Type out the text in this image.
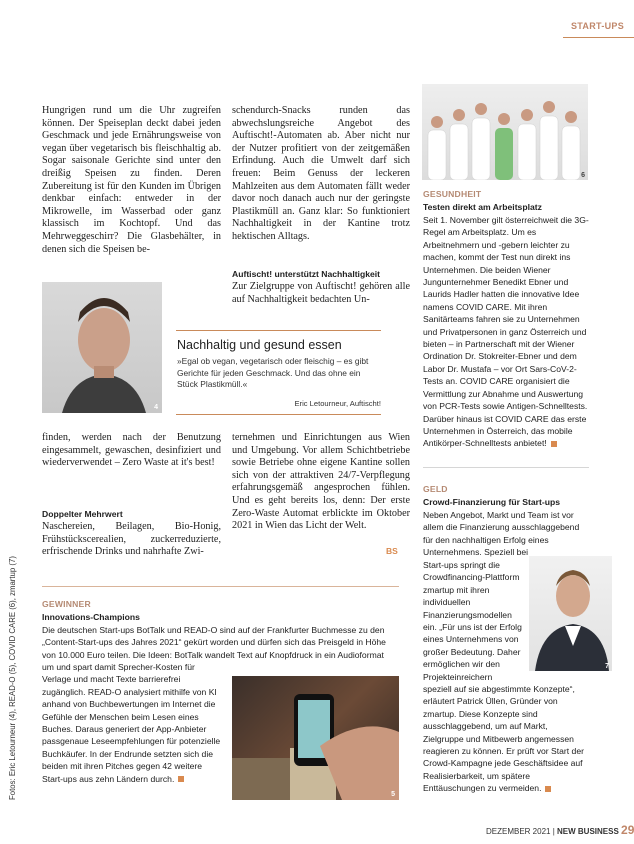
START-UPS
Fotos: Eric Letourneur (4), READ-O (5), COVID CARE (6), zmartup (7)

Hungrigen rund um die Uhr zugreifen können. Der Speiseplan deckt dabei jeden Geschmack und jede Ernährungsweise von vegan über vegetarisch bis fleischhaltig ab. Sogar saisonale Gerichte sind unter den dreißig Speisen zu finden. Deren Zubereitung ist für den Kunden im Übrigen denkbar einfach: entweder in der Mikrowelle, im Wasserbad oder ganz klassisch im Kochtopf. Und das Mehrweggeschirr? Die Glasbehälter, in denen sich die Speisen be-

schendurch-Snacks runden das abwechslungsreiche Angebot des Auftischt!-Automaten ab. Aber nicht nur der Nutzer profitiert von der zeitgemäßen Erfindung. Auch die Umwelt darf sich freuen: Beim Genuss der leckeren Mahlzeiten aus dem Automaten fällt weder davor noch danach auch nur der geringste Plastikmüll an. Ganz klar: So funktioniert Nachhaltigkeit in der Kantine trotz hektischen Alltags.

Auftischt! unterstützt Nachhaltigkeit

Zur Zielgruppe von Auftischt! gehören alle auf Nachhaltigkeit bedachten Un-

4
Nachhaltig und gesund essen

»Egal ob vegan, vegetarisch oder fleischig – es gibt Gerichte für jeden Geschmack. Und das ohne ein Stück Plastikmüll.«

Eric Letourneur, Auftischt!

finden, werden nach der Benutzung eingesammelt, gewaschen, desinfiziert und wiederverwendet – Zero Waste at it's best!

Doppelter Mehrwert

Naschereien, Beilagen, Bio-Honig, Frühstückscerealien, zuckerreduzierte, erfrischende Drinks und nahrhafte Zwi-

ternehmen und Einrichtungen aus Wien und Umgebung. Vor allem Schichtbetriebe sowie Betriebe ohne eigene Kantine sollen sich von der attraktiven 24/7-Verpflegung erfahrungsgemäß angesprochen fühlen. Und es geht bereits los, denn: Der erste Zero-Waste Automat erblickte im Oktober 2021 in Wien das Licht der Welt.

BS
6
GESUNDHEIT
Testen direkt am Arbeitsplatz

Seit 1. November gilt österreichweit die 3G-Regel am Arbeitsplatz. Um es Arbeitnehmern und -gebern leichter zu machen, kommt der Test nun direkt ins Unternehmen. Die beiden Wiener Jungunternehmer Benedikt Ebner und Laurids Hadler hatten die innovative Idee namens COVID CARE. Mit ihren Sanitärteams fahren sie zu Unternehmen und Privatpersonen in ganz Österreich und bieten – in Partnerschaft mit der Wiener Ordination Dr. Stokreiter-Ebner und dem Labor Dr. Mustafa – vor Ort Sars-CoV-2-Tests an. COVID CARE organisiert die Vermittlung zur Abnahme und Auswertung von PCR-Tests sowie Antigen-Schnelltests. Darüber hinaus ist COVID CARE das erste Unternehmen in Österreich, das mobile Antikörper-Schnelltests anbietet!

GELD
Crowd-Finanzierung für Start-ups

Neben Angebot, Markt und Team ist vor allem die Finanzierung ausschlaggebend für den nachhaltigen Erfolg eines Unternehmens. Speziell bei

Start-ups springt die Crowdfinancing-Plattform zmartup mit ihren individuellen Finanzierungsmodellen ein. „Für uns ist der Erfolg eines Unternehmens von großer Bedeutung. Daher ermöglichen wir den Projekteinreichern

speziell auf sie abgestimmte Konzepte“, erläutert Patrick Üllen, Gründer von zmartup. Diese Konzepte sind ausschlaggebend, um auf Markt, Zielgruppe und Mitbewerb angemessen reagieren zu können. Er prüft vor Start der Crowd-Kampagne jede Geschäftsidee auf Realisierbarkeit, um spätere Enttäuschungen zu vermeiden.

7
GEWINNER
Innovations-Champions

Die deutschen Start-ups BotTalk und READ-O sind auf der Frankfurter Buchmesse zu den „Content-Start-ups des Jahres 2021“ gekürt worden und dürfen sich das Preisgeld in Höhe von 10.000 Euro teilen. Die Ideen: BotTalk wandelt Text auf Knopfdruck in ein Audioformat

um und spart damit Sprecher-Kosten für Verlage und macht Texte barrierefrei zugänglich. READ-O analysiert mithilfe von KI anhand von Buchbewertungen im Internet die Gefühle der Menschen beim Lesen eines Buches. Daraus generiert der App-Anbieter passgenaue Leseempfehlungen für potenzielle Buchkäufer. In der Endrunde setzten sich die beiden mit ihren Pitches gegen 42 weitere Start-ups aus zehn Ländern durch.

5
DEZEMBER 2021 | NEW BUSINESS 29
